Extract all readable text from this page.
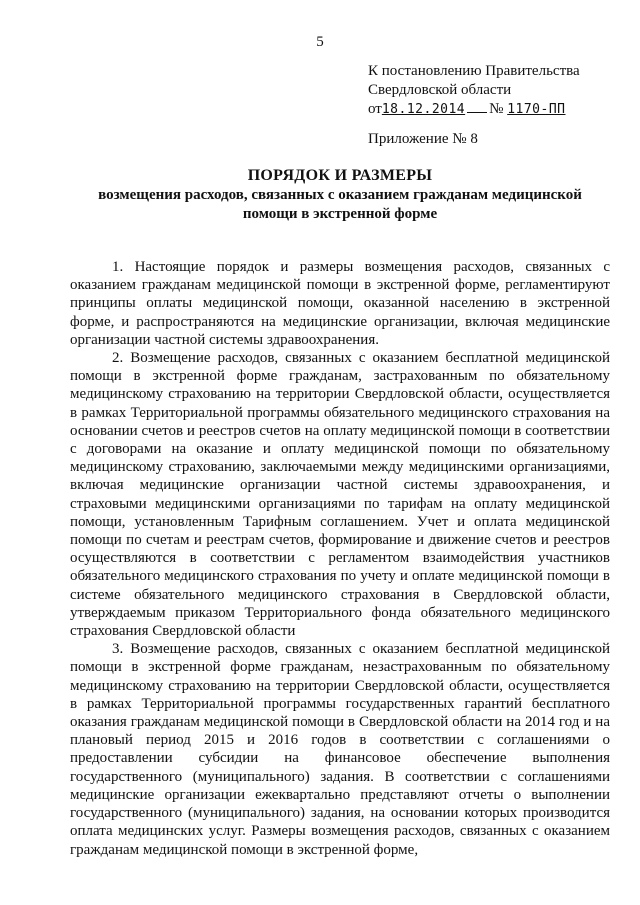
5
К постановлению Правительства
Свердловской области
от18.12.2014 № 1170-ПП
Приложение № 8
ПОРЯДОК И РАЗМЕРЫ
возмещения расходов, связанных с оказанием гражданам медицинской помощи в экстренной форме

1. Настоящие порядок и размеры возмещения расходов, связанных с оказанием гражданам медицинской помощи в экстренной форме, регламентируют принципы оплаты медицинской помощи, оказанной населению в экстренной форме, и распространяются на медицинские организации, включая медицинские организации частной системы здравоохранения.

2. Возмещение расходов, связанных с оказанием бесплатной медицинской помощи в экстренной форме гражданам, застрахованным по обязательному медицинскому страхованию на территории Свердловской области, осуществляется в рамках Территориальной программы обязательного медицинского страхования на основании счетов и реестров счетов на оплату медицинской помощи в соответствии с договорами на оказание и оплату медицинской помощи по обязательному медицинскому страхованию, заключаемыми между медицинскими организациями, включая медицинские организации частной системы здравоохранения, и страховыми медицинскими организациями по тарифам на оплату медицинской помощи, установленным Тарифным соглашением. Учет и оплата медицинской помощи по счетам и реестрам счетов, формирование и движение счетов и реестров осуществляются в соответствии с регламентом взаимодействия участников обязательного медицинского страхования по учету и оплате медицинской помощи в системе обязательного медицинского страхования в Свердловской области, утверждаемым приказом Территориального фонда обязательного медицинского страхования Свердловской области

3. Возмещение расходов, связанных с оказанием бесплатной медицинской помощи в экстренной форме гражданам, незастрахованным по обязательному медицинскому страхованию на территории Свердловской области, осуществляется в рамках Территориальной программы государственных гарантий бесплатного оказания гражданам медицинской помощи в Свердловской области на 2014 год и на плановый период 2015 и 2016 годов в соответствии с соглашениями о предоставлении субсидии на финансовое обеспечение выполнения государственного (муниципального) задания. В соответствии с соглашениями медицинские организации ежеквартально представляют отчеты о выполнении государственного (муниципального) задания, на основании которых производится оплата медицинских услуг. Размеры возмещения расходов, связанных с оказанием гражданам медицинской помощи в экстренной форме,
